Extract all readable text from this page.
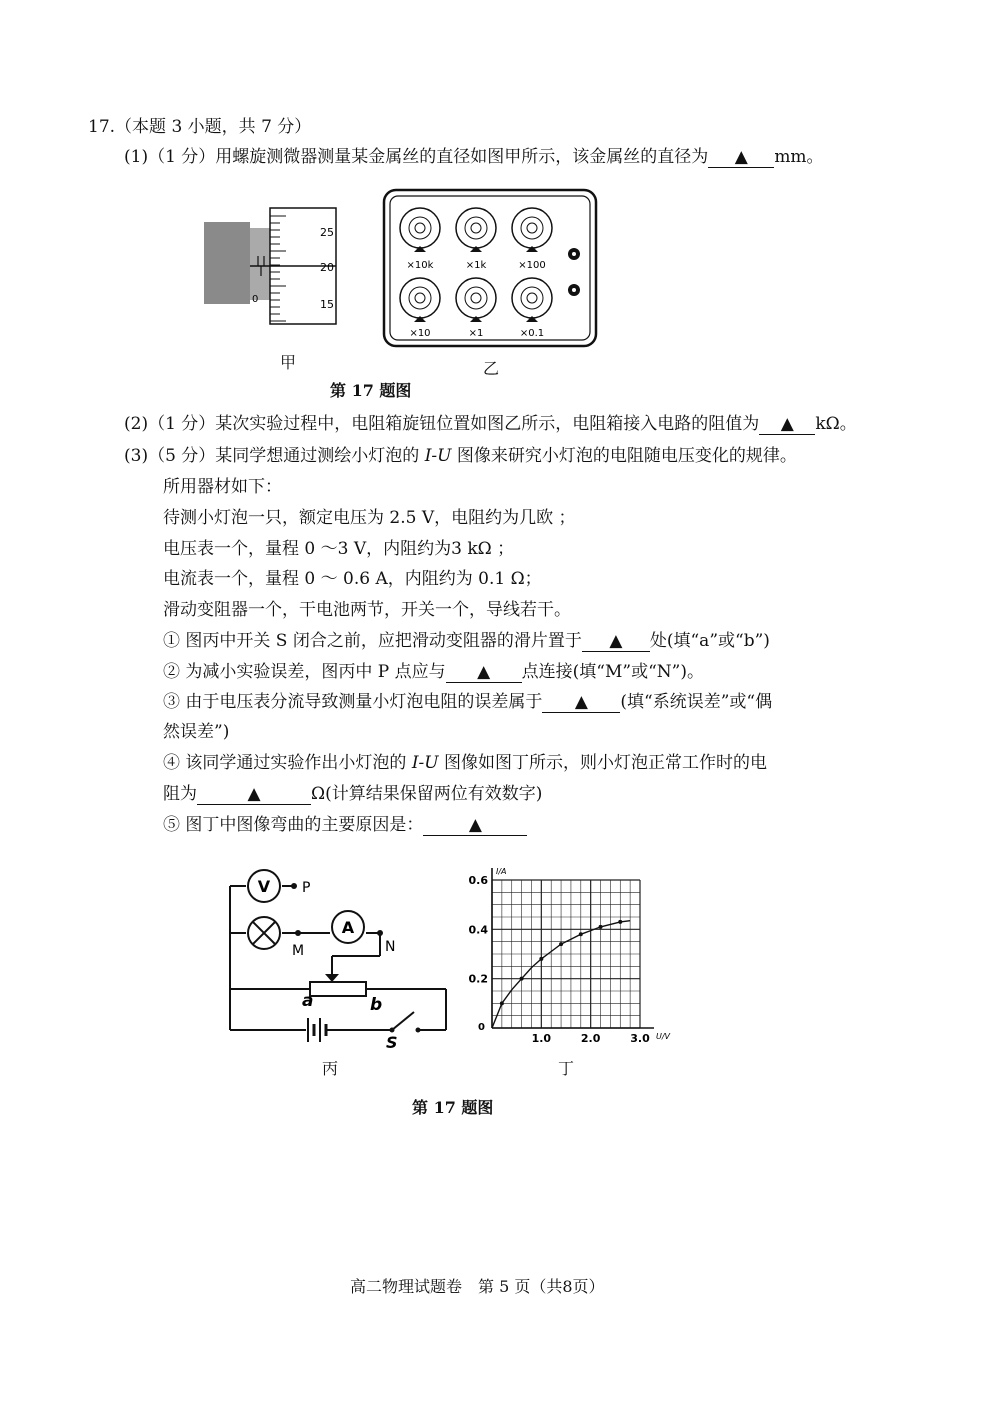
17.（本题 3 小题，共 7 分）
(1)（1 分）用螺旋测微器测量某金属丝的直径如图甲所示，该金属丝的直径为 ▲ mm。
25
20
15
0
甲
×10k	×1k	×100
×10	×1	×0.1
乙
第 17 题图
(2)（1 分）某次实验过程中，电阻箱旋钮位置如图乙所示，电阻箱接入电路的阻值为 ▲ kΩ。
(3)（5 分）某同学想通过测绘小灯泡的 I-U 图像来研究小灯泡的电阻随电压变化的规律。
所用器材如下：
待测小灯泡一只，额定电压为 2.5 V，电阻约为几欧 ；
电压表一个，量程 0 ～3 V，内阻约为3 kΩ ；
电流表一个，量程 0 ～ 0.6 A，内阻约为 0.1 Ω；
滑动变阻器一个，干电池两节，开关一个，导线若干。
① 图丙中开关 S 闭合之前，应把滑动变阻器的滑片置于 ▲ 处(填“a”或“b”)
② 为减小实验误差，图丙中 P 点应与 ▲ 点连接(填“M”或“N”)。
③ 由于电压表分流导致测量小灯泡电阻的误差属于 ▲ (填“系统误差”或“偶
然误差”)
④ 该同学通过实验作出小灯泡的 I-U 图像如图丁所示，则小灯泡正常工作时的电
阻为	▲	Ω(计算结果保留两位有效数字)
⑤ 图丁中图像弯曲的主要原因是：	▲
V P
M
A
N
a	b
S
丙
1.0	2.0	3.0
0.2
0.4
0.6
I/A
U/V
0
丁
第 17 题图
高二物理试题卷　第 5 页（共8页）
